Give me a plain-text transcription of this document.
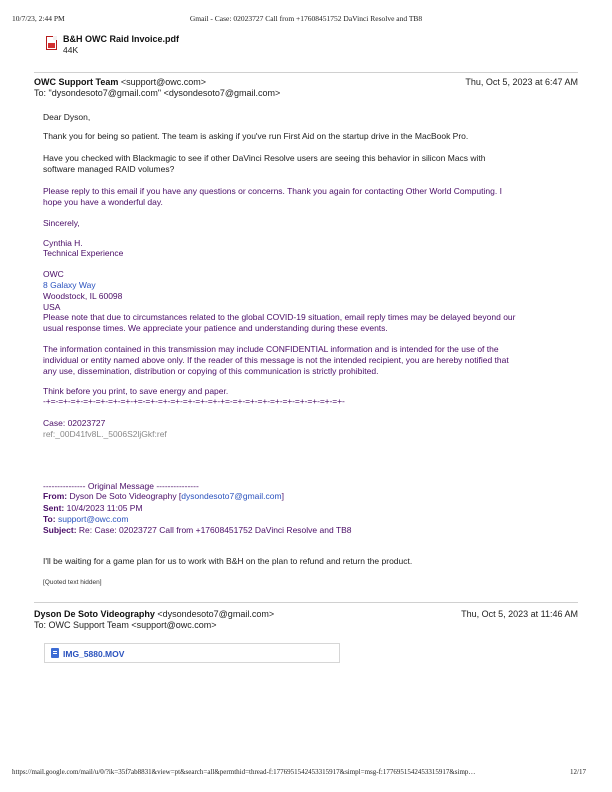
10/7/23, 2:44 PM	Gmail - Case: 02023727 Call from +17608451752 DaVinci Resolve and TB8
B&H OWC Raid Invoice.pdf
44K
OWC Support Team <support@owc.com>	Thu, Oct 5, 2023 at 6:47 AM
To: "dysondesoto7@gmail.com" <dysondesoto7@gmail.com>
Dear Dyson,
Thank you for being so patient. The team is asking if you've run First Aid on the startup drive in the MacBook Pro.
Have you checked with Blackmagic to see if other DaVinci Resolve users are seeing this behavior in silicon Macs with
software managed RAID volumes?
Please reply to this email if you have any questions or concerns. Thank you again for contacting Other World Computing. I
hope you have a wonderful day.
Sincerely,
Cynthia H.
Technical Experience
OWC
8 Galaxy Way
Woodstock, IL 60098
USA
Please note that due to circumstances related to the global COVID-19 situation, email reply times may be delayed beyond our
usual response times. We appreciate your patience and understanding during these events.
The information contained in this transmission may include CONFIDENTIAL information and is intended for the use of the
individual or entity named above only. If the reader of this message is not the intended recipient, you are hereby notified that
any use, dissemination, distribution or copying of this communication is strictly prohibited.
Think before you print, to save energy and paper.
-+=-=+-=+-=+-=+-=+-=+-+=-=+-=+-=+-=+-=+-=+-+=-=+-=+-=+-=+-=+-=+-=+-=+-=+-
Case: 02023727
ref:_00D41fv8L._5006S2ljGkf:ref
--------------- Original Message ---------------
From: Dyson De Soto Videography [dysondesoto7@gmail.com]
Sent: 10/4/2023 11:05 PM
To: support@owc.com
Subject: Re: Case: 02023727 Call from +17608451752 DaVinci Resolve and TB8
I'll be waiting for a game plan for us to work with B&H on the plan to refund and return the product.
[Quoted text hidden]
Dyson De Soto Videography <dysondesoto7@gmail.com>	Thu, Oct 5, 2023 at 11:46 AM
To: OWC Support Team <support@owc.com>
IMG_5880.MOV
https://mail.google.com/mail/u/0/?ik=35f7ab8831&view=pt&search=all&permthid=thread-f:1776951542453315917&simpl=msg-f:1776951542453315917&simp…	12/17
